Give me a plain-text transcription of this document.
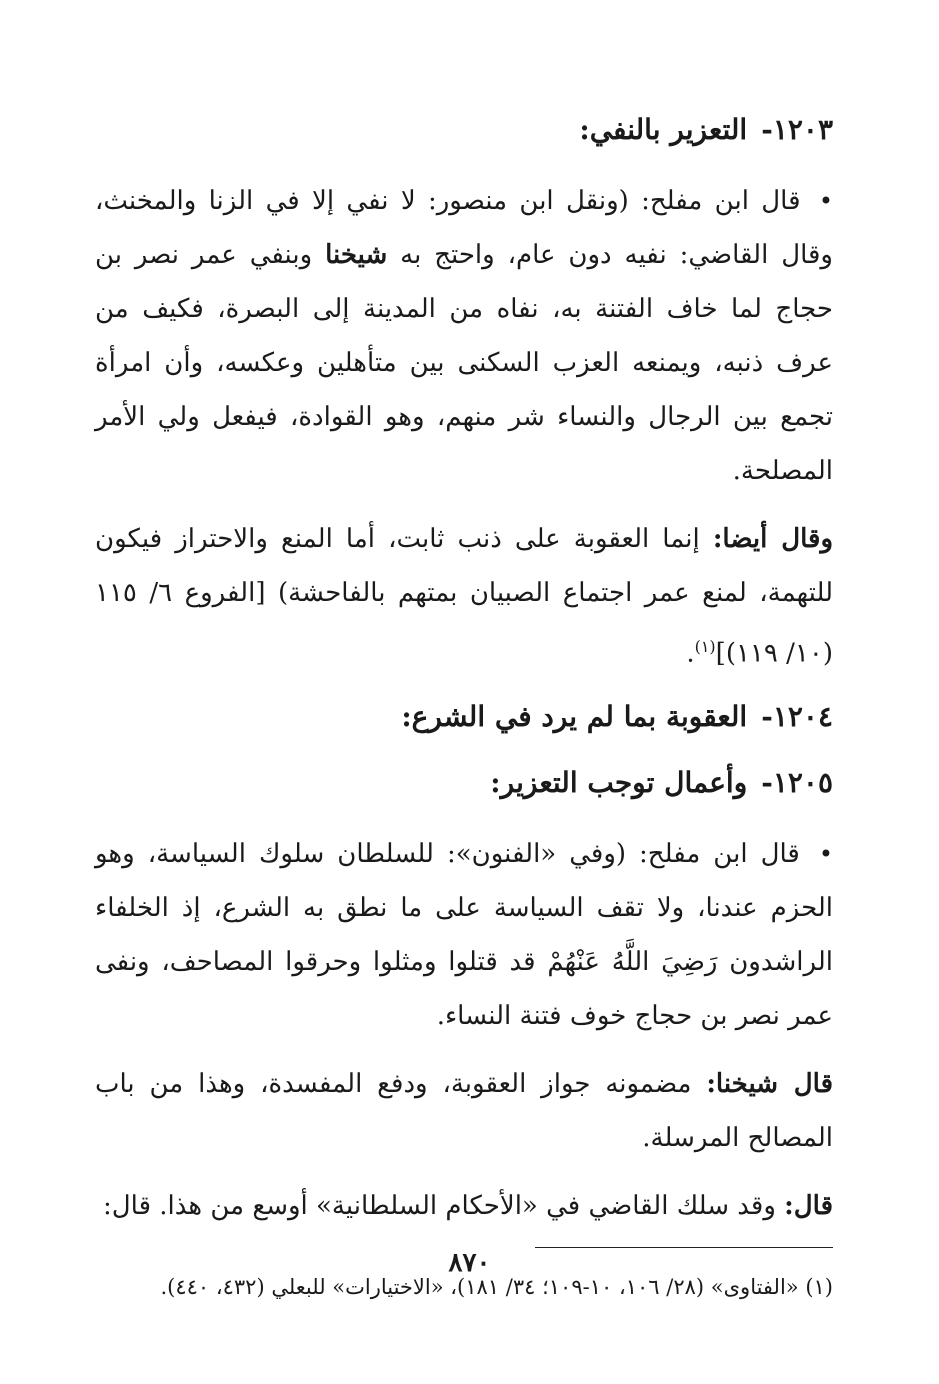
١٢٠٣-التعزير بالنفي:

• قال ابن مفلح: (ونقل ابن منصور: لا نفي إلا في الزنا والمخنث، وقال القاضي: نفيه دون عام، واحتج به شيخنا وبنفي عمر نصر بن حجاج لما خاف الفتنة به، نفاه من المدينة إلى البصرة، فكيف من عرف ذنبه، ويمنعه العزب السكنى بين متأهلين وعكسه، وأن امرأة تجمع بين الرجال والنساء شر منهم، وهو القوادة، فيفعل ولي الأمر المصلحة.

وقال أيضا: إنما العقوبة على ذنب ثابت، أما المنع والاحتراز فيكون للتهمة، لمنع عمر اجتماع الصبيان بمتهم بالفاحشة) [الفروع ٦/ ١١٥ (١٠/ ١١٩)]$^{(١)}$.

١٢٠٤-العقوبة بما لم يرد في الشرع:
١٢٠٥-وأعمال توجب التعزير:

• قال ابن مفلح: (وفي «الفنون»: للسلطان سلوك السياسة، وهو الحزم عندنا، ولا تقف السياسة على ما نطق به الشرع، إذ الخلفاء الراشدون رَضِيَ اللَّهُ عَنْهُمْ قد قتلوا ومثلوا وحرقوا المصاحف، ونفى عمر نصر بن حجاج خوف فتنة النساء.

قال شيخنا: مضمونه جواز العقوبة، ودفع المفسدة، وهذا من باب المصالح المرسلة.

قال: وقد سلك القاضي في «الأحكام السلطانية» أوسع من هذا. قال:

(١) «الفتاوى» (٢٨/ ١٠٦، ١٠-١٠٩؛ ٣٤/ ١٨١)، «الاختيارات» للبعلي (٤٣٢، ٤٤٠).

٨٧٠
